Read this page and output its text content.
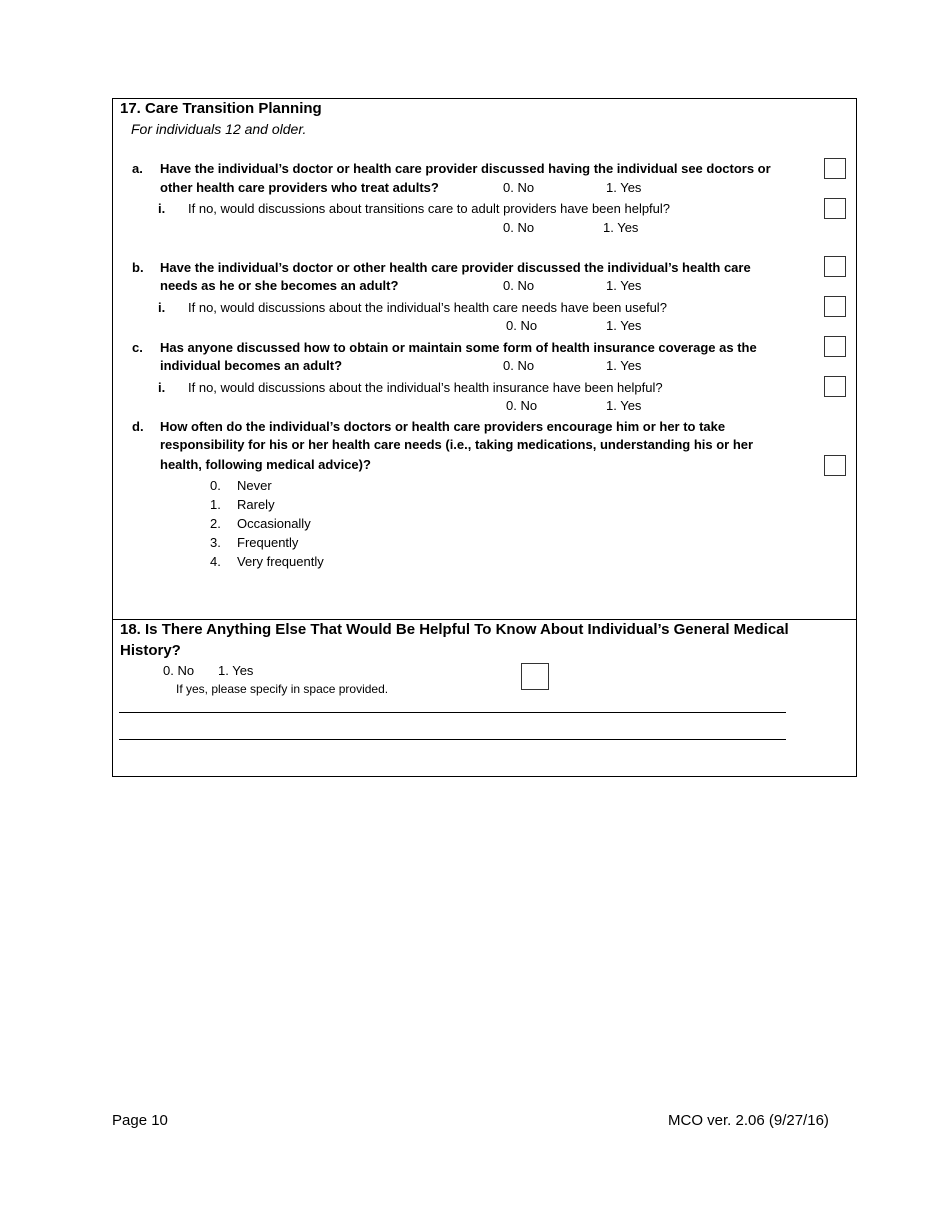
17. Care Transition Planning
For individuals 12 and older.
a. Have the individual’s doctor or health care provider discussed having the individual see doctors or
other health care providers who treat adults?	0. No	1. Yes
i. If no, would discussions about transitions care to adult providers have been helpful?
0. No	1. Yes
b. Have the individual’s doctor or other health care provider discussed the individual’s health care
needs as he or she becomes an adult?	0. No	1. Yes
i. If no, would discussions about the individual’s health care needs have been useful?
0. No	1. Yes
c. Has anyone discussed how to obtain or maintain some form of health insurance coverage as the
individual becomes an adult?	0. No	1. Yes
i. If no, would discussions about the individual’s health insurance have been helpful?
0. No	1. Yes
d. How often do the individual’s doctors or health care providers encourage him or her to take
responsibility for his or her health care needs (i.e., taking medications, understanding his or her
health, following medical advice)?
0. Never
1. Rarely
2. Occasionally
3. Frequently
4. Very frequently
18. Is There Anything Else That Would Be Helpful To Know About Individual’s General Medical
History?
0. No 1. Yes
If yes, please specify in space provided.
Page 10	MCO ver. 2.06 (9/27/16)
